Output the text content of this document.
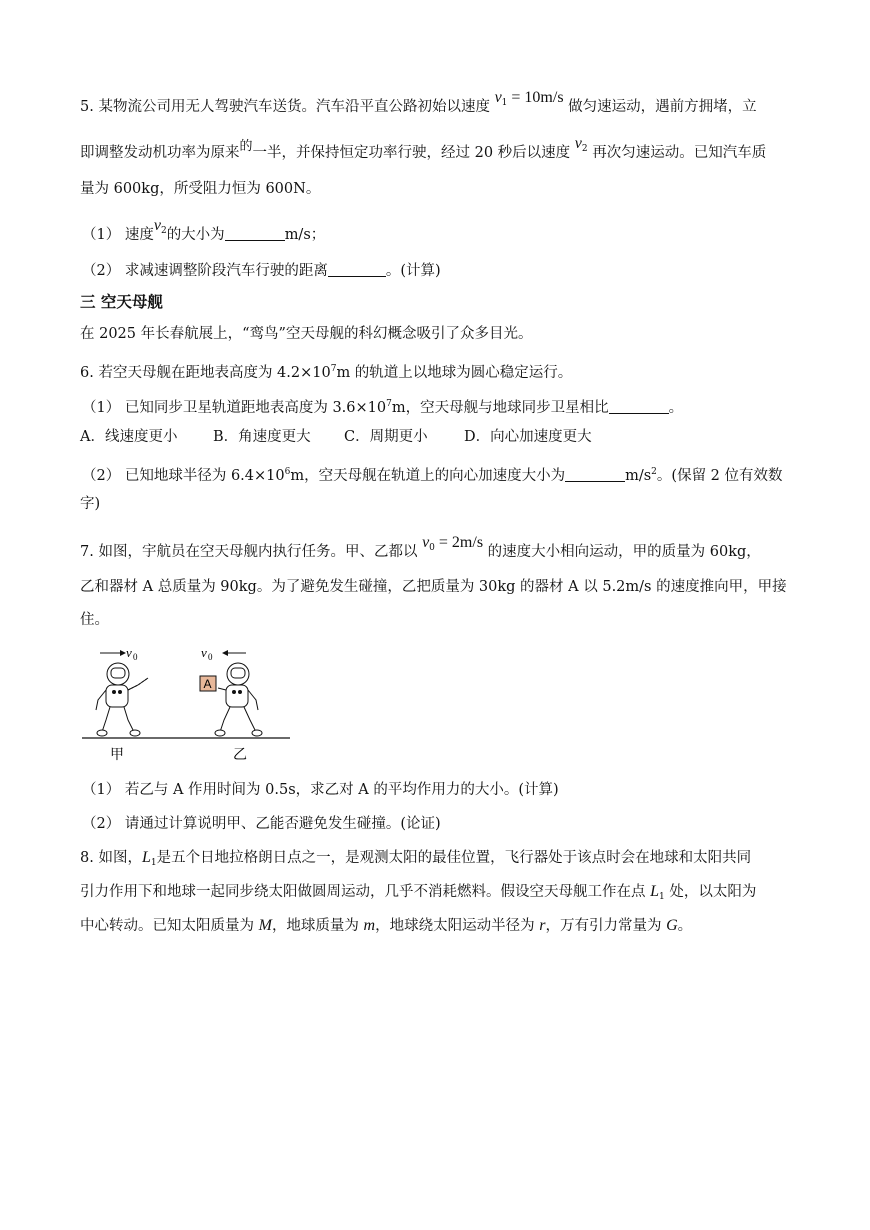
5. 某物流公司用无人驾驶汽车送货。汽车沿平直公路初始以速度 $v_1 = 10m/s$ 做匀速运动，遇前方拥堵，立
即调整发动机功率为原来的一半，并保持恒定功率行驶，经过 20 秒后以速度 $v_2$ 再次匀速运动。已知汽车质
量为 600kg，所受阻力恒为 600N。
（1） 速度$v_2$的大小为	m/s；
（2） 求减速调整阶段汽车行驶的距离	。(计算)
三 空天母舰
在 2025 年长春航展上，“鸾鸟”空天母舰的科幻概念吸引了众多目光。
6. 若空天母舰在距地表高度为 $4.2\times 10^7m$ 的轨道上以地球为圆心稳定运行。
（1） 已知同步卫星轨道距地表高度为 $3.6\times 10^7m$，空天母舰与地球同步卫星相比	。
A．线速度更小 B．角速度更大 C．周期更小	D．向心加速度更大
（2） 已知地球半径为 $6.4\times 10^6m$，空天母舰在轨道上的向心加速度大小为	$m/s^2$。(保留 2 位有效数
字)
7. 如图，宇航员在空天母舰内执行任务。甲、乙都以 $v_0 = 2m/s$ 的速度大小相向运动，甲的质量为 60kg，
乙和器材 A 总质量为 90kg。为了避免发生碰撞，乙把质量为 30kg 的器材 A 以 5.2m/s 的速度推向甲，甲接
住。
v 0	v 0
A
甲	乙
（1） 若乙与 A 作用时间为 0.5s，求乙对 A 的平均作用力的大小。(计算)
（2） 请通过计算说明甲、乙能否避免发生碰撞。(论证)
8. 如图，$L_1$是五个日地拉格朗日点之一，是观测太阳的最佳位置，飞行器处于该点时会在地球和太阳共同
引力作用下和地球一起同步绕太阳做圆周运动，几乎不消耗燃料。假设空天母舰工作在点 $L_1$ 处，以太阳为
中心转动。已知太阳质量为 M，地球质量为 m，地球绕太阳运动半径为 r，万有引力常量为 G。
